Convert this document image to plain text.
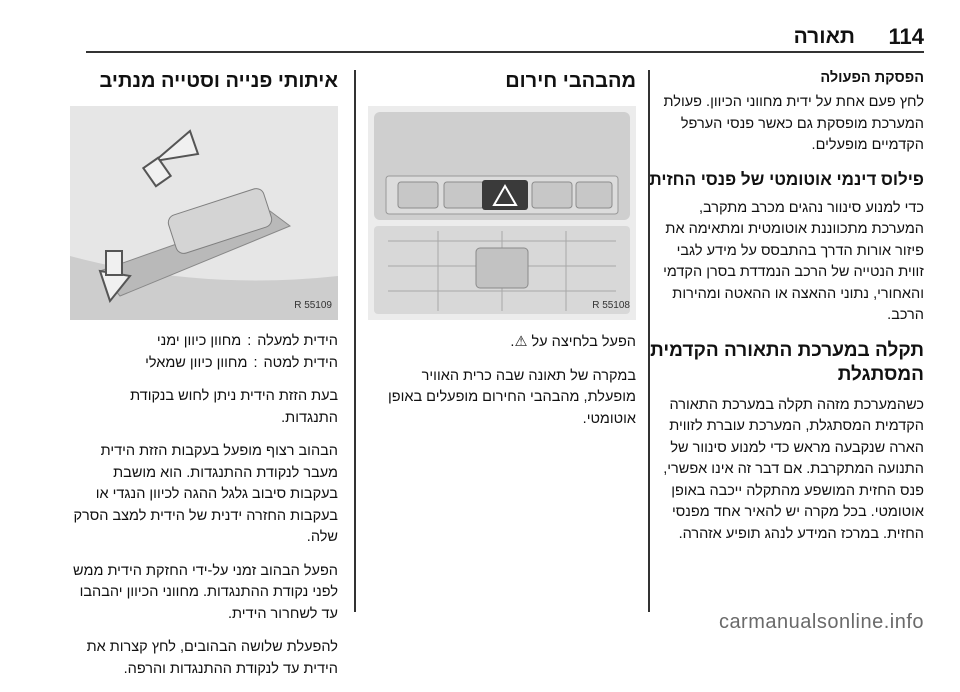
114
תאורה
הפסקת הפעולה

לחץ פעם אחת על ידית מחווני הכיוון. פעולת המערכת מופסקת גם כאשר פנסי הערפל הקדמיים מופעלים.

פילוס דינמי אוטומטי של פנסי החזית

כדי למנוע סינוור נהגים מכרב מתקרב, המערכת מתכווננת אוטומטית ומתאימה את פיזור אורות הדרך בהתבסס על מידע לגבי זווית הנטייה של הרכב הנמדדת בסרן הקדמי והאחורי, נתוני ההאצה או ההאטה ומהירות הרכב.

תקלה במערכת התאורה הקדמית המסתגלת

כשהמערכת מזהה תקלה במערכת התאורה הקדמית המסתגלת, המערכת עוברת לזווית הארה שנקבעה מראש כדי למנוע סינוור של התנועה המתקרבת. אם דבר זה אינו אפשרי, פנס החזית המושפע מהתקלה ייכבה באופן אוטומטי. בכל מקרה יש להאיר אחד מפנסי החזית. במרכז המידע לנהג תופיע אזהרה.

מהבהבי חירום
R 55108

הפעל בלחיצה על ⚠.

במקרה של תאונה שבה כרית האוויר מופעלת, מהבהבי החירום מופעלים באופן אוטומטי.

איתותי פנייה וסטייה מנתיב
R 55109
הידית למעלה
:
מחוון כיוון ימני
הידית למטה
:
מחוון כיוון שמאלי

בעת הזזת הידית ניתן לחוש בנקודת התנגדות.

הבהוב רצוף מופעל בעקבות הזזת הידית מעבר לנקודת ההתנגדות. הוא מושבת בעקבות סיבוב גלגל ההגה לכיוון הנגדי או בעקבות החזרה ידנית של הידית למצב הסרק שלה.

הפעל הבהוב זמני על-ידי החזקת הידית ממש לפני נקודת ההתנגדות. מחווני הכיוון יהבהבו עד לשחרור הידית.

להפעלת שלושה הבהובים, לחץ קצרות את הידית עד לנקודת ההתנגדות והרפה.

carmanualsonline.info
